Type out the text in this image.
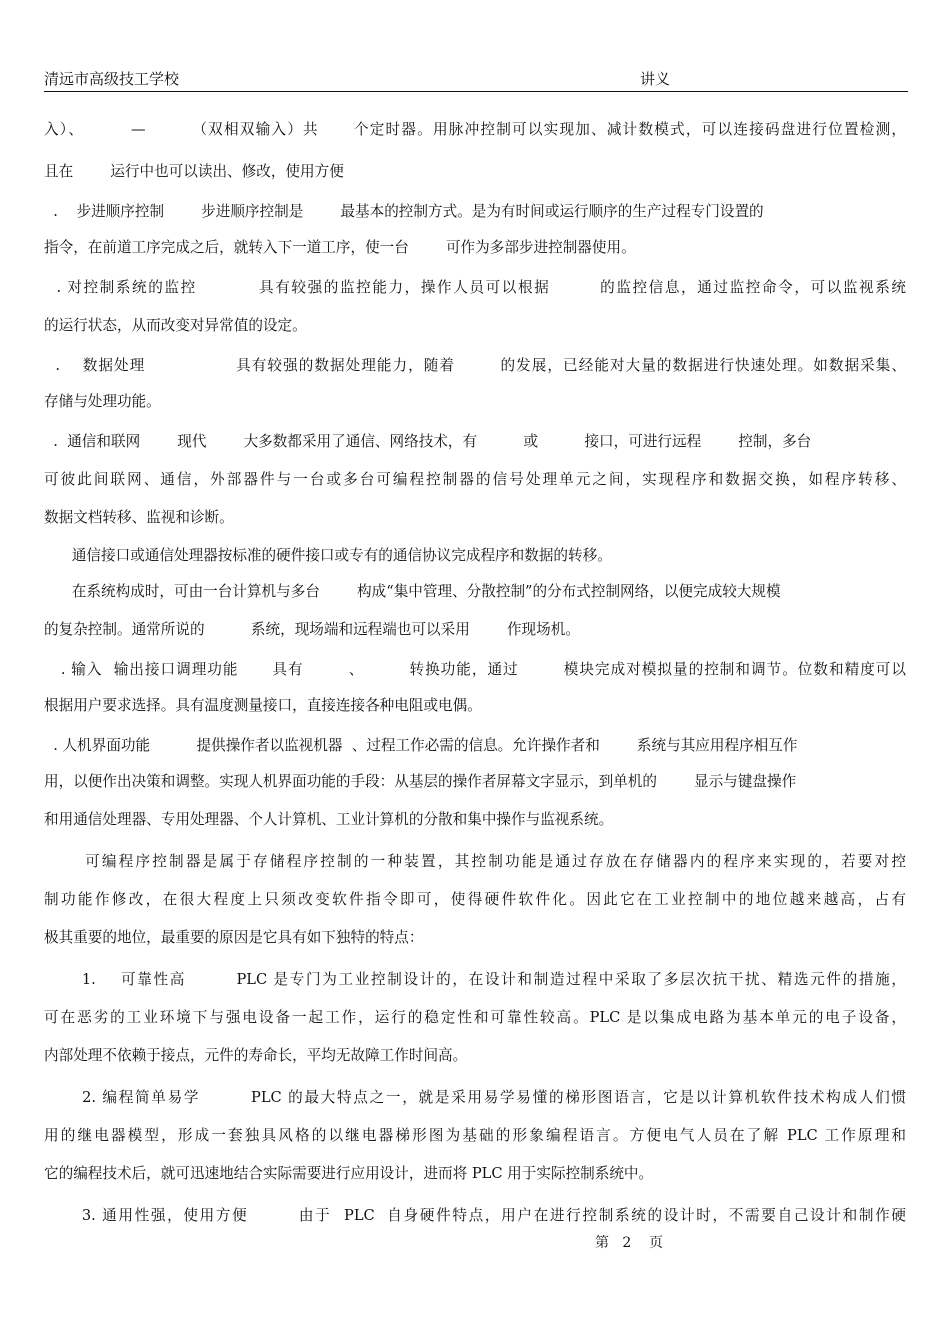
清远市高级技工学校	讲义
入）、        —        （双相双输入）共      个定时器。用脉冲控制可以实现加、减计数模式，可以连接码盘进行位置检测，
且在        运行中也可以读出、修改，使用方便
.    步进顺序控制        步进顺序控制是        最基本的控制方式。是为有时间或运行顺序的生产过程专门设置的
指令，在前道工序完成之后，就转入下一道工序，使一台        可作为多部步进控制器使用。
. 对控制系统的监控          具有较强的监控能力，操作人员可以根据        的监控信息，通过监控命令，可以监视系统
的运行状态，从而改变对异常值的设定。
.    数据处理                具有较强的数据处理能力，随着        的发展，已经能对大量的数据进行快速处理。如数据采集、
存储与处理功能。
.  通信和联网        现代        大多数都采用了通信、网络技术，有          或          接口，可进行远程        控制，多台
可彼此间联网、通信，外部器件与一台或多台可编程控制器的信号处理单元之间，实现程序和数据交换，如程序转移、
数据文档转移、监视和诊断。
通信接口或通信处理器按标准的硬件接口或专有的通信协议完成程序和数据的转移。
在系统构成时，可由一台计算机与多台        构成“集中管理、分散控制”的分布式控制网络，以便完成较大规模
的复杂控制。通常所说的          系统，现场端和远程端也可以采用        作现场机。
. 输入  输出接口调理功能      具有        、        转换功能，通过        模块完成对模拟量的控制和调节。位数和精度可以
根据用户要求选择。具有温度测量接口，直接连接各种电阻或电偶。
. 人机界面功能          提供操作者以监视机器  、过程工作必需的信息。允许操作者和        系统与其应用程序相互作
用，以便作出决策和调整。实现人机界面功能的手段：从基层的操作者屏幕文字显示，到单机的        显示与键盘操作
和用通信处理器、专用处理器、个人计算机、工业计算机的分散和集中操作与监视系统。
可编程序控制器是属于存储程序控制的一种装置，其控制功能是通过存放在存储器内的程序来实现的，若要对控
制功能作修改，在很大程度上只须改变软件指令即可，使得硬件软件化。因此它在工业控制中的地位越来越高，占有
极其重要的地位，最重要的原因是它具有如下独特的特点：
1.    可靠性高        PLC 是专门为工业控制设计的，在设计和制造过程中采取了多层次抗干扰、精选元件的措施，
可在恶劣的工业环境下与强电设备一起工作，运行的稳定性和可靠性较高。PLC 是以集成电路为基本单元的电子设备，
内部处理不依赖于接点，元件的寿命长，平均无故障工作时间高。
2. 编程简单易学        PLC 的最大特点之一，就是采用易学易懂的梯形图语言，它是以计算机软件技术构成人们惯
用的继电器模型，形成一套独具风格的以继电器梯形图为基础的形象编程语言。方便电气人员在了解 PLC 工作原理和
它的编程技术后，就可迅速地结合实际需要进行应用设计，进而将 PLC 用于实际控制系统中。
3. 通用性强，使用方便        由于  PLC  自身硬件特点，用户在进行控制系统的设计时，不需要自己设计和制作硬
第   2    页
